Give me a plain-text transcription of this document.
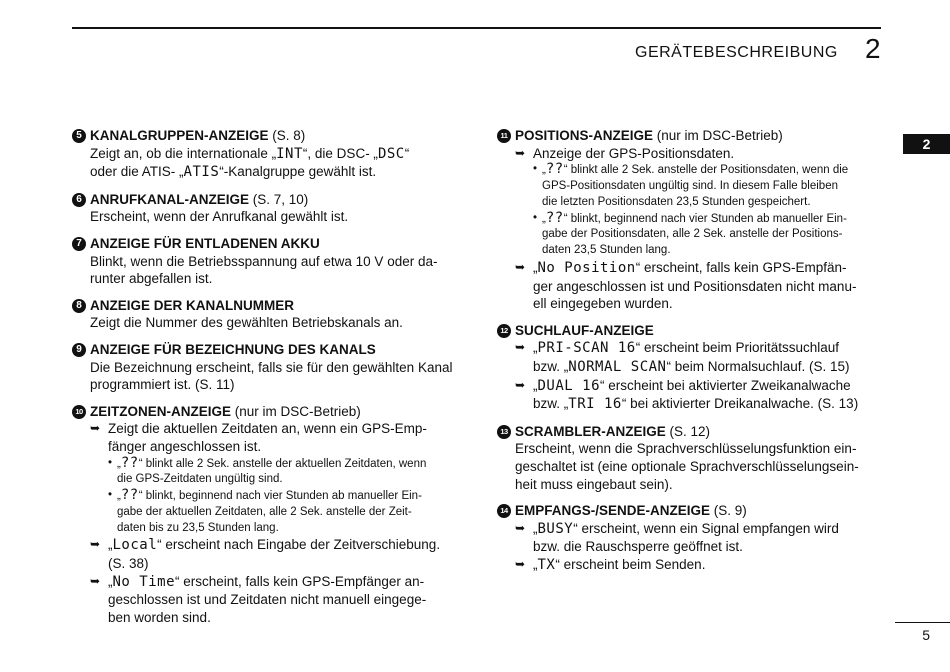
GERÄTEBESCHREIBUNG 2
2
5
5 KANALGRUPPEN-ANZEIGE (S. 8)
Zeigt an, ob die internationale „INT“, die DSC- „DSC“
oder die ATIS- „ATIS“-Kanalgruppe gewählt ist.
6 ANRUFKANAL-ANZEIGE (S. 7, 10)
Erscheint, wenn der Anrufkanal gewählt ist.
7 ANZEIGE FÜR ENTLADENEN AKKU
Blinkt, wenn die Betriebsspannung auf etwa 10 V oder da-
runter abgefallen ist.
8 ANZEIGE DER KANALNUMMER
Zeigt die Nummer des gewählten Betriebskanals an.
9 ANZEIGE FÜR BEZEICHNUNG DES KANALS
Die Bezeichnung erscheint, falls sie für den gewählten Kanal
programmiert ist. (S. 11)
10 ZEITZONEN-ANZEIGE (nur im DSC-Betrieb)
➥ Zeigt die aktuellen Zeitdaten an, wenn ein GPS-Emp-
fänger angeschlossen ist.
• „??“ blinkt alle 2 Sek. anstelle der aktuellen Zeitdaten, wenn
die GPS-Zeitdaten ungültig sind.
• „??“ blinkt, beginnend nach vier Stunden ab manueller Ein-
gabe der aktuellen Zeitdaten, alle 2 Sek. anstelle der Zeit-
daten bis zu 23,5 Stunden lang.
➥ „Local“ erscheint nach Eingabe der Zeitverschiebung.
(S. 38)
➥ „No Time“ erscheint, falls kein GPS-Empfänger an-
geschlossen ist und Zeitdaten nicht manuell eingege-
ben worden sind.
11 POSITIONS-ANZEIGE (nur im DSC-Betrieb)
➥ Anzeige der GPS-Positionsdaten.
• „??“ blinkt alle 2 Sek. anstelle der Positionsdaten, wenn die
GPS-Positionsdaten ungültig sind. In diesem Falle bleiben
die letzten Positionsdaten 23,5 Stunden gespeichert.
• „??“ blinkt, beginnend nach vier Stunden ab manueller Ein-
gabe der Positionsdaten, alle 2 Sek. anstelle der Positions-
daten 23,5 Stunden lang.
➥ „No Position“ erscheint, falls kein GPS-Empfän-
ger angeschlossen ist und Positionsdaten nicht manu-
ell eingegeben wurden.
12 SUCHLAUF-ANZEIGE
➥ „PRI-SCAN 16“ erscheint beim Prioritätssuchlauf
bzw. „NORMAL SCAN“ beim Normalsuchlauf. (S. 15)
➥ „DUAL 16“ erscheint bei aktivierter Zweikanalwache
bzw. „TRI 16“ bei aktivierter Dreikanalwache. (S. 13)
13 SCRAMBLER-ANZEIGE (S. 12)
Erscheint, wenn die Sprachverschlüsselungsfunktion ein-
geschaltet ist (eine optionale Sprachverschlüsselungsein-
heit muss eingebaut sein).
14 EMPFANGS-/SENDE-ANZEIGE (S. 9)
➥ „BUSY“ erscheint, wenn ein Signal empfangen wird
bzw. die Rauschsperre geöffnet ist.
➥ „TX“ erscheint beim Senden.
